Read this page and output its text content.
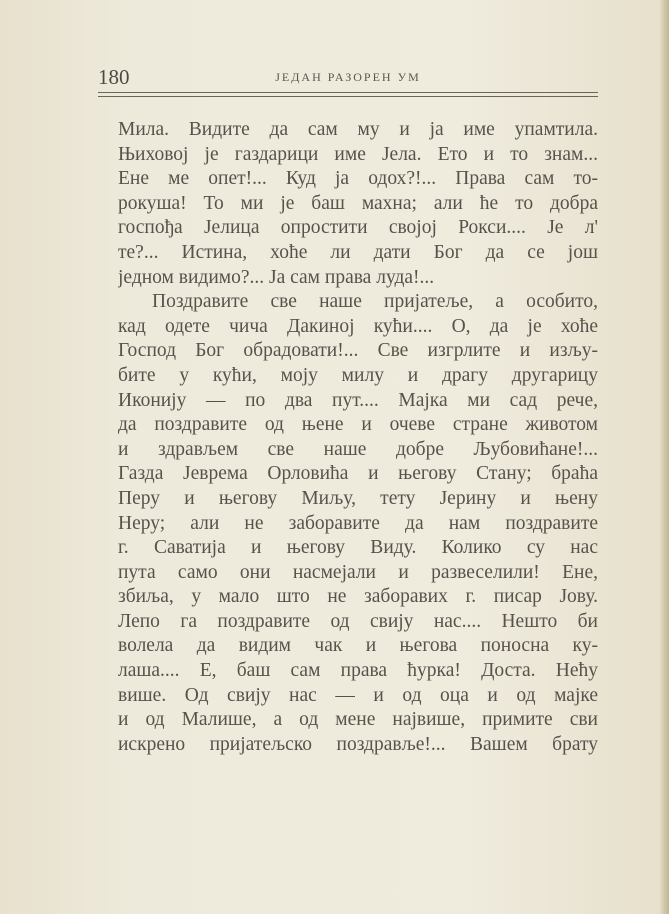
180	ЈЕДАН РАЗОРЕН УМ
Мила. Видите да сам му и ја име упамтила.
Њиховој је газдарици име Јела. Ето и то знам...
Ене ме опет!... Куд ја одох?!... Права сам то-
рокуша! То ми је баш махна; али ће то добра
госпођа Јелица опростити својој Рокси.... Је л'
те?... Истина, хоће ли дати Бог да се још
једном видимо?... Ја сам права луда!...
Поздравите све наше пријатеље, а особито,
кад одете чича Дакиној кући.... О, да је хоће
Господ Бог обрадовати!... Све изгрлите и изљу-
бите у кући, моју милу и драгу другарицу
Иконију — по два пут.... Мајка ми сад рече,
да поздравите од њене и очеве стране животом
и здрављем све наше добре Љубовићане!...
Газда Јеврема Орловића и његову Стану; браћа
Перу и његову Миљу, тету Јерину и њену
Неру; али не заборавите да нам поздравите
г. Саватија и његову Виду. Колико су нас
пута само они насмејали и развеселили! Ене,
збиља, у мало што не заборавих г. писар Јову.
Лепо га поздравите од свију нас.... Нешто би
волела да видим чак и његова поносна ку-
лаша.... Е, баш сам права ћурка! Доста. Нећу
више. Од свију нас — и од оца и од мајке
и од Малише, а од мене највише, примите сви
искрено пријатељско поздравље!... Вашем брату
